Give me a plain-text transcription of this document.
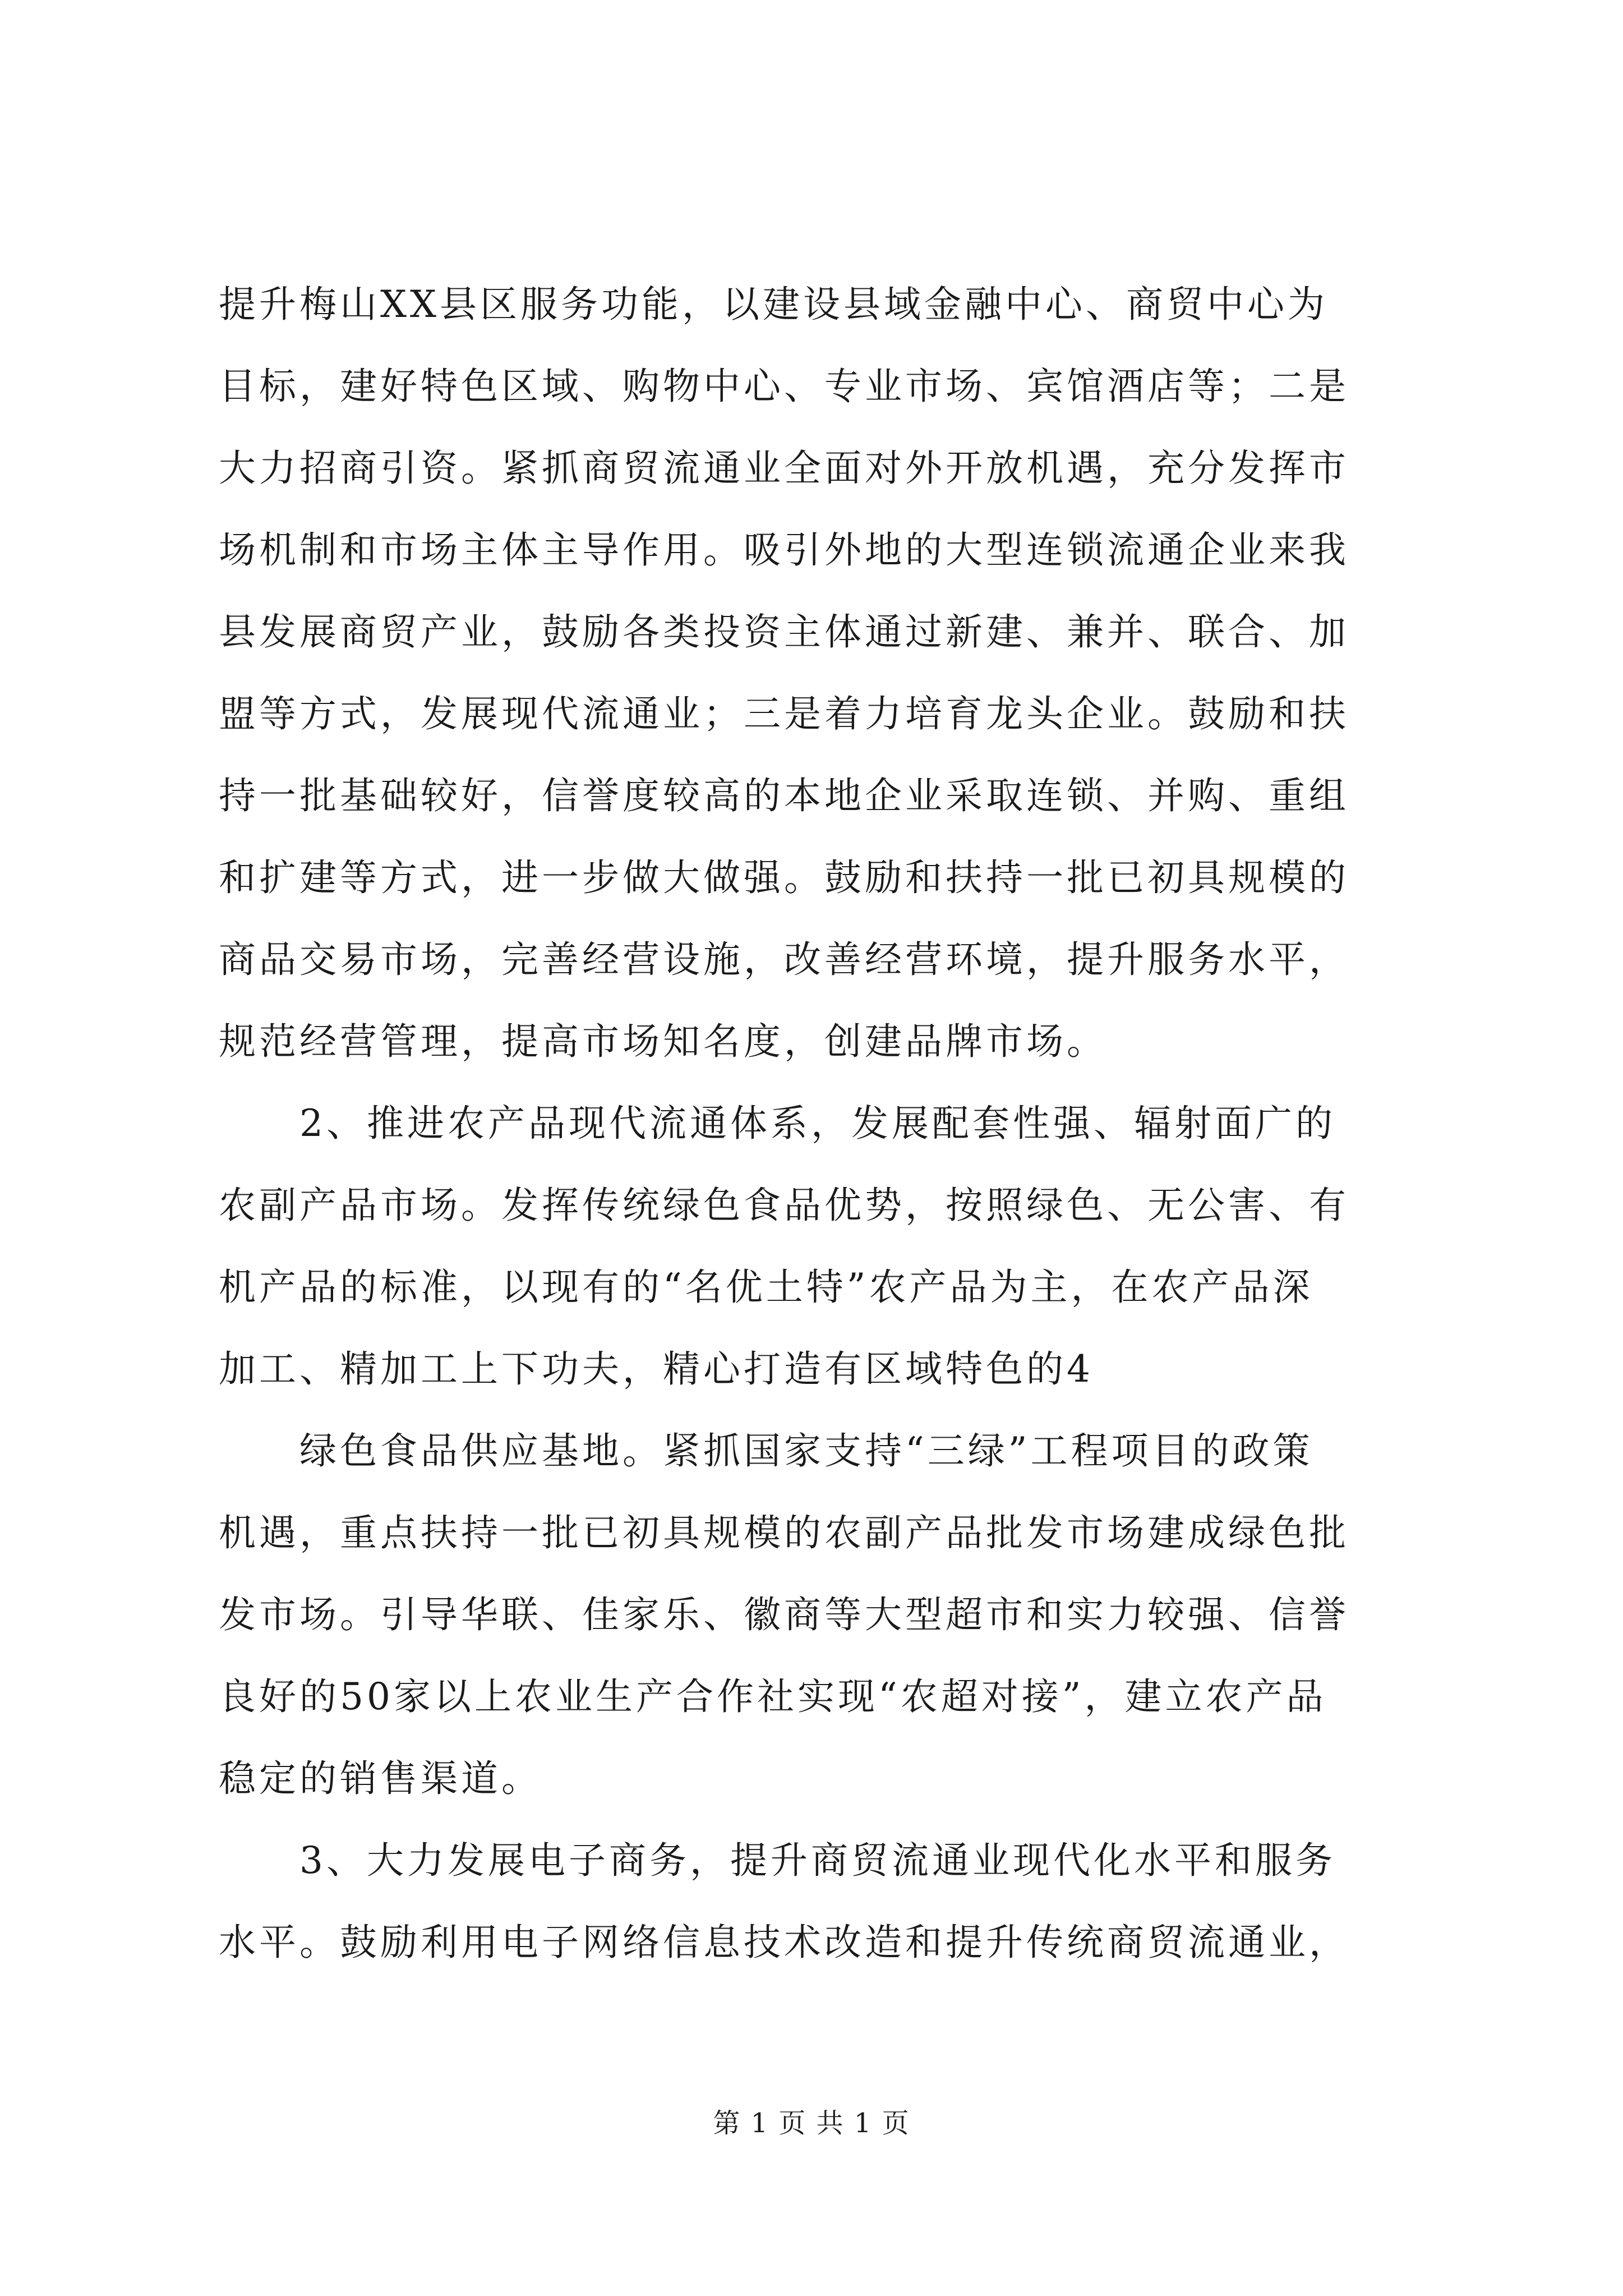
提升梅山XX县区服务功能，以建设县域金融中心、商贸中心为
目标，建好特色区域、购物中心、专业市场、宾馆酒店等；二是
大力招商引资。紧抓商贸流通业全面对外开放机遇，充分发挥市
场机制和市场主体主导作用。吸引外地的大型连锁流通企业来我
县发展商贸产业，鼓励各类投资主体通过新建、兼并、联合、加
盟等方式，发展现代流通业；三是着力培育龙头企业。鼓励和扶
持一批基础较好，信誉度较高的本地企业采取连锁、并购、重组
和扩建等方式，进一步做大做强。鼓励和扶持一批已初具规模的
商品交易市场，完善经营设施，改善经营环境，提升服务水平，
规范经营管理，提高市场知名度，创建品牌市场。
　　2、推进农产品现代流通体系，发展配套性强、辐射面广的
农副产品市场。发挥传统绿色食品优势，按照绿色、无公害、有
机产品的标准，以现有的“名优土特”农产品为主，在农产品深
加工、精加工上下功夫，精心打造有区域特色的4
　　绿色食品供应基地。紧抓国家支持“三绿”工程项目的政策
机遇，重点扶持一批已初具规模的农副产品批发市场建成绿色批
发市场。引导华联、佳家乐、徽商等大型超市和实力较强、信誉
良好的50家以上农业生产合作社实现“农超对接”，建立农产品
稳定的销售渠道。
　　3、大力发展电子商务，提升商贸流通业现代化水平和服务
水平。鼓励利用电子网络信息技术改造和提升传统商贸流通业，
第 1 页 共 1 页
